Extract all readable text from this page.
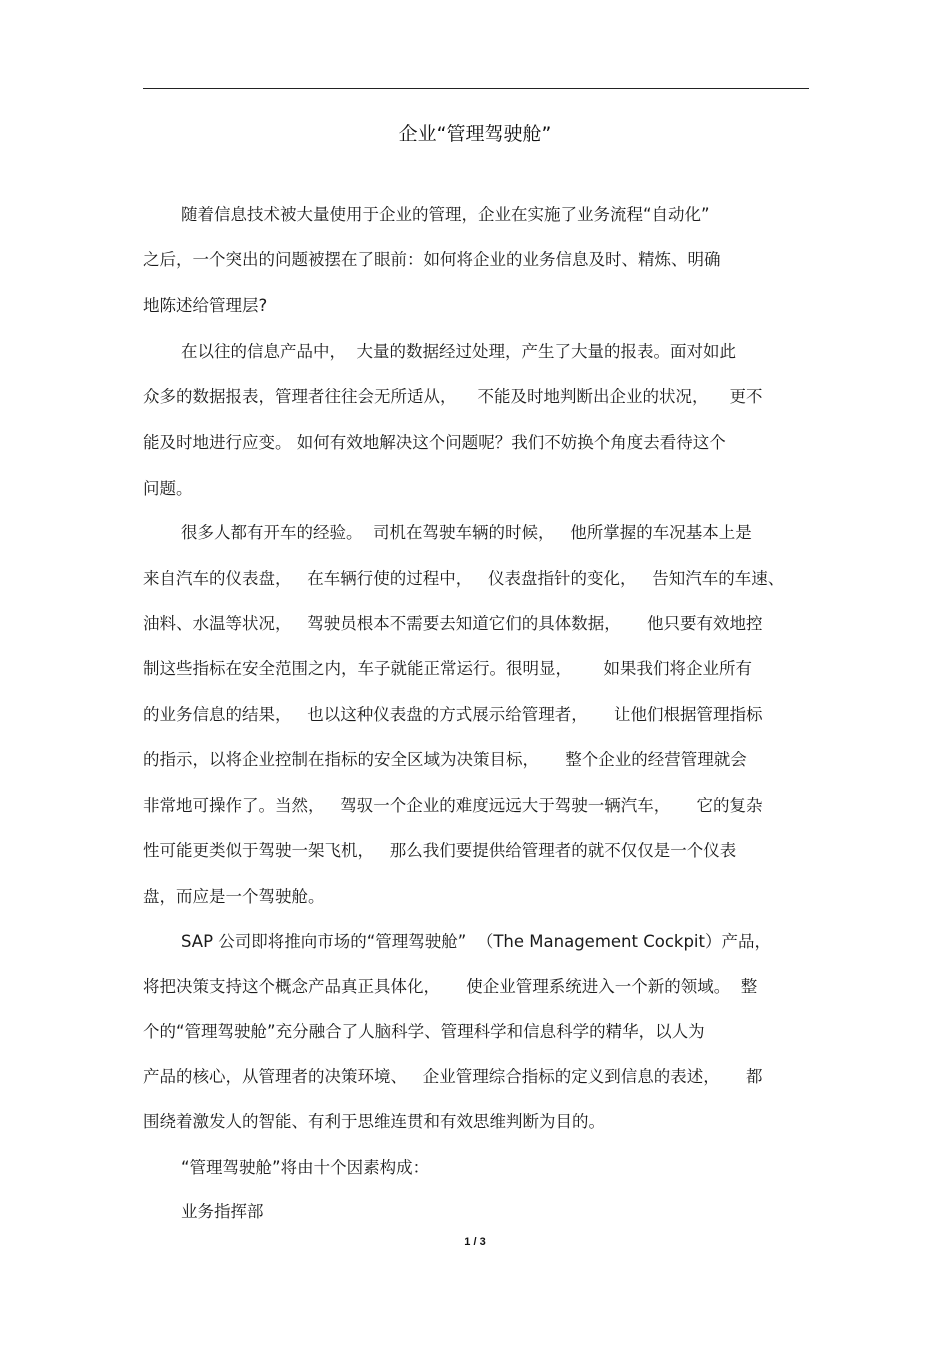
企业“管理驾驶舱”
随着信息技术被大量使用于企业的管理，企业在实施了业务流程“自动化”
之后，一个突出的问题被摆在了眼前：如何将企业的业务信息及时、精炼、明确
地陈述给管理层?
在以往的信息产品中，  大量的数据经过处理，产生了大量的报表。面对如此
众多的数据报表，管理者往往会无所适从，    不能及时地判断出企业的状况，    更不
能及时地进行应变。 如何有效地解决这个问题呢？我们不妨换个角度去看待这个
问题。
很多人都有开车的经验。  司机在驾驶车辆的时候，   他所掌握的车况基本上是
来自汽车的仪表盘，   在车辆行使的过程中，   仪表盘指针的变化，   告知汽车的车速、
油料、水温等状况，   驾驶员根本不需要去知道它们的具体数据，     他只要有效地控
制这些指标在安全范围之内，车子就能正常运行。很明显，      如果我们将企业所有
的业务信息的结果，   也以这种仪表盘的方式展示给管理者，     让他们根据管理指标
的指示，以将企业控制在指标的安全区域为决策目标，     整个企业的经营管理就会
非常地可操作了。当然，   驾驭一个企业的难度远远大于驾驶一辆汽车，     它的复杂
性可能更类似于驾驶一架飞机，   那么我们要提供给管理者的就不仅仅是一个仪表
盘，而应是一个驾驶舱。
SAP 公司即将推向市场的“管理驾驶舱”  （The Management Cockpit）产品，
将把决策支持这个概念产品真正具体化，     使企业管理系统进入一个新的领域。  整
个的“管理驾驶舱”充分融合了人脑科学、管理科学和信息科学的精华，以人为
产品的核心，从管理者的决策环境、   企业管理综合指标的定义到信息的表述，     都
围绕着激发人的智能、有利于思维连贯和有效思维判断为目的。
“管理驾驶舱”将由十个因素构成：
业务指挥部
1 / 3
